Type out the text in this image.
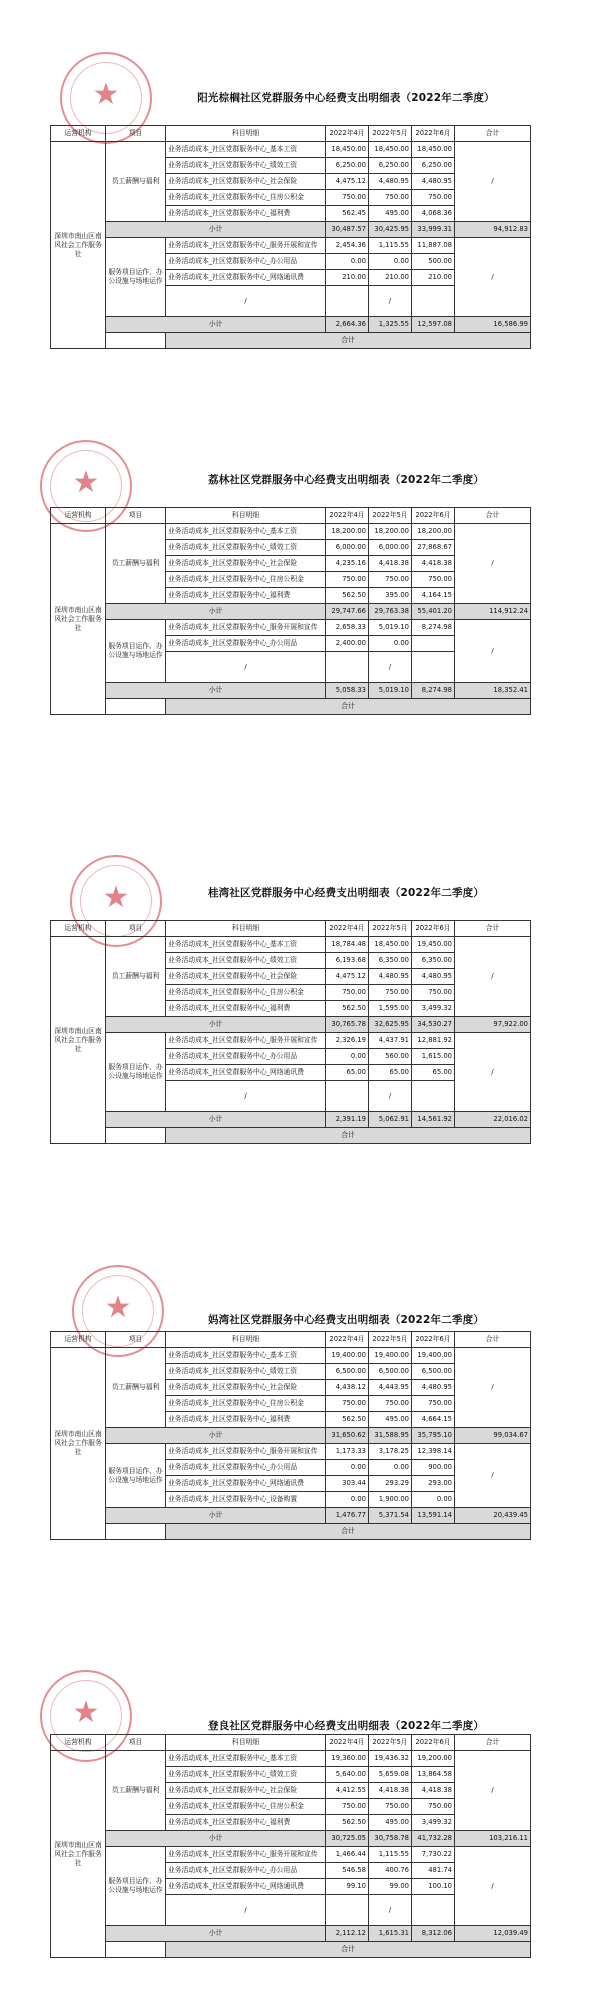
★	阳光棕榈社区党群服务中心经费支出明细表（2022年二季度）
运营机构	项目	科目明细	2022年4月	2022年5月	2022年6月	合计	
深圳市南山区南风社会工作服务社	员工薪酬与福利	业务活动成本_社区党群服务中心_基本工资	18,450.00	18,450.00	18,450.00	/	
		业务活动成本_社区党群服务中心_绩效工资	6,250.00	6,250.00	6,250.00		
		业务活动成本_社区党群服务中心_社会保险	4,475.12	4,480.95	4,480.95		
		业务活动成本_社区党群服务中心_住房公积金	750.00	750.00	750.00		
		业务活动成本_社区党群服务中心_福利费	562.45	495.00	4,068.36		
	小计		30,487.57	30,425.95	33,999.31	94,912.83	
	服务项目运作、办公设施与场地运作	业务活动成本_社区党群服务中心_服务开展和宣传	2,454.36	1,115.55	11,887.08	/	
		业务活动成本_社区党群服务中心_办公用品	0.00	0.00	500.00		
		业务活动成本_社区党群服务中心_网络通讯费	210.00	210.00	210.00		
		/		/			
	小计		2,664.36	1,325.55	12,597.08	16,586.99	
		合计	
★	荔林社区党群服务中心经费支出明细表（2022年二季度）
运营机构	项目	科目明细	2022年4月	2022年5月	2022年6月	合计	
深圳市南山区南风社会工作服务社	员工薪酬与福利	业务活动成本_社区党群服务中心_基本工资	18,200.00	18,200.00	18,200.00	/	
		业务活动成本_社区党群服务中心_绩效工资	6,000.00	6,000.00	27,868.67		
		业务活动成本_社区党群服务中心_社会保险	4,235.16	4,418.38	4,418.38		
		业务活动成本_社区党群服务中心_住房公积金	750.00	750.00	750.00		
		业务活动成本_社区党群服务中心_福利费	562.50	395.00	4,164.15		
	小计		29,747.66	29,763.38	55,401.20	114,912.24	
	服务项目运作、办公设施与场地运作	业务活动成本_社区党群服务中心_服务开展和宣传	2,658.33	5,019.10	8,274.98	/	
		业务活动成本_社区党群服务中心_办公用品	2,400.00	0.00			
		/		/			
	小计		5,058.33	5,019.10	8,274.98	18,352.41	
		合计	
★	桂湾社区党群服务中心经费支出明细表（2022年二季度）
运营机构	项目	科目明细	2022年4月	2022年5月	2022年6月	合计	
深圳市南山区南风社会工作服务社	员工薪酬与福利	业务活动成本_社区党群服务中心_基本工资	18,784.48	18,450.00	19,450.00	/	
		业务活动成本_社区党群服务中心_绩效工资	6,193.68	6,350.00	6,350.00		
		业务活动成本_社区党群服务中心_社会保险	4,475.12	4,480.95	4,480.95		
		业务活动成本_社区党群服务中心_住房公积金	750.00	750.00	750.00		
		业务活动成本_社区党群服务中心_福利费	562.50	1,595.00	3,499.32		
	小计		30,765.78	32,625.95	34,530.27	97,922.00	
	服务项目运作、办公设施与场地运作	业务活动成本_社区党群服务中心_服务开展和宣传	2,326.19	4,437.91	12,881.92	/	
		业务活动成本_社区党群服务中心_办公用品	0.00	560.00	1,615.00		
		业务活动成本_社区党群服务中心_网络通讯费	65.00	65.00	65.00		
		/		/			
	小计		2,391.19	5,062.91	14,561.92	22,016.02	
		合计	
★	妈湾社区党群服务中心经费支出明细表（2022年二季度）
运营机构	项目	科目明细	2022年4月	2022年5月	2022年6月	合计	
深圳市南山区南风社会工作服务社	员工薪酬与福利	业务活动成本_社区党群服务中心_基本工资	19,400.00	19,400.00	19,400.00	/	
		业务活动成本_社区党群服务中心_绩效工资	6,500.00	6,500.00	6,500.00		
		业务活动成本_社区党群服务中心_社会保险	4,438.12	4,443.95	4,480.95		
		业务活动成本_社区党群服务中心_住房公积金	750.00	750.00	750.00		
		业务活动成本_社区党群服务中心_福利费	562.50	495.00	4,664.15		
	小计		31,650.62	31,588.95	35,795.10	99,034.67	
	服务项目运作、办公设施与场地运作	业务活动成本_社区党群服务中心_服务开展和宣传	1,173.33	3,178.25	12,398.14	/	
		业务活动成本_社区党群服务中心_办公用品	0.00	0.00	900.00		
		业务活动成本_社区党群服务中心_网络通讯费	303.44	293.29	293.00		
		业务活动成本_社区党群服务中心_设备购置	0.00	1,900.00	0.00		
	小计		1,476.77	5,371.54	13,591.14	20,439.45	
		合计	
★	登良社区党群服务中心经费支出明细表（2022年二季度）
运营机构	项目	科目明细	2022年4月	2022年5月	2022年6月	合计	
深圳市南山区南风社会工作服务社	员工薪酬与福利	业务活动成本_社区党群服务中心_基本工资	19,360.00	19,436.32	19,200.00	/	
		业务活动成本_社区党群服务中心_绩效工资	5,640.00	5,659.08	13,864.58		
		业务活动成本_社区党群服务中心_社会保险	4,412.55	4,418.38	4,418.38		
		业务活动成本_社区党群服务中心_住房公积金	750.00	750.00	750.00		
		业务活动成本_社区党群服务中心_福利费	562.50	495.00	3,499.32		
	小计		30,725.05	30,758.78	41,732.28	103,216.11	
	服务项目运作、办公设施与场地运作	业务活动成本_社区党群服务中心_服务开展和宣传	1,466.44	1,115.55	7,730.22	/	
		业务活动成本_社区党群服务中心_办公用品	546.58	400.76	481.74		
		业务活动成本_社区党群服务中心_网络通讯费	99.10	99.00	100.10		
		/		/			
	小计		2,112.12	1,615.31	8,312.06	12,039.49	
		合计	
